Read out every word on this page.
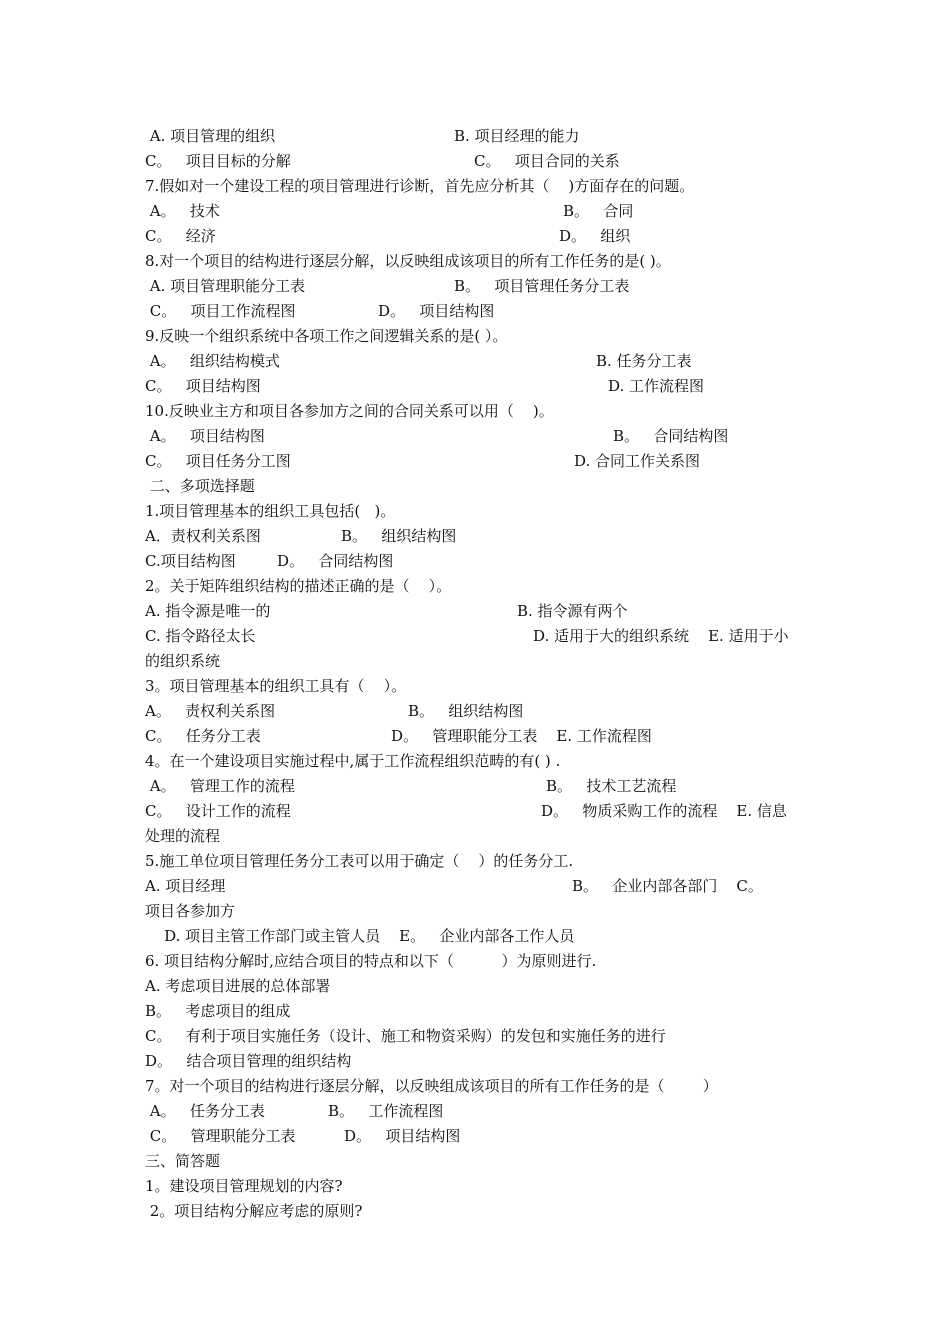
A. 项目管理的组织	B. 项目经理的能力
C。   项目目标的分解	C。   项目合同的关系
7.假如对一个建设工程的项目管理进行诊断，首先应分析其（    )方面存在的问题。
A。   技术	B。   合同
C。   经济	D。   组织
8.对一个项目的结构进行逐层分解，以反映组成该项目的所有工作任务的是( )。
A. 项目管理职能分工表	B。   项目管理任务分工表
C。   项目工作流程图	D。   项目结构图
9.反映一个组织系统中各项工作之间逻辑关系的是( ）。
A。   组织结构模式	B. 任务分工表
C。   项目结构图	D. 工作流程图
10.反映业主方和项目各参加方之间的合同关系可以用（    )。
A。   项目结构图	B。   合同结构图
C。   项目任务分工图	D. 合同工作关系图
二、多项选择题
1.项目管理基本的组织工具包括(   )。
A．责权利关系图	B。   组织结构图
C.项目结构图	D。   合同结构图
2。关于矩阵组织结构的描述正确的是（    ）。
A. 指令源是唯一的	B. 指令源有两个
C. 指令路径太长	D. 适用于大的组织系统    E. 适用于小
的组织系统
3。项目管理基本的组织工具有（    ）。
A。   责权利关系图	B。   组织结构图
C。   任务分工表	D。   管理职能分工表    E. 工作流程图
4。在一个建设项目实施过程中,属于工作流程组织范畴的有( ) .
A。   管理工作的流程	B。   技术工艺流程
C。   设计工作的流程	D。   物质采购工作的流程    E. 信息
处理的流程
5.施工单位项目管理任务分工表可以用于确定（    ）的任务分工.
A. 项目经理	B。   企业内部各部门    C。
项目各参加方
D. 项目主管工作部门或主管人员    E。   企业内部各工作人员
6. 项目结构分解时,应结合项目的特点和以下（          ）为原则进行.
A. 考虑项目进展的总体部署
B。   考虑项目的组成
C。   有利于项目实施任务（设计、施工和物资采购）的发包和实施任务的进行
D。   结合项目管理的组织结构
7。对一个项目的结构进行逐层分解，以反映组成该项目的所有工作任务的是（        ）
A。   任务分工表	B。   工作流程图
C。   管理职能分工表	D。   项目结构图
三、简答题
1。建设项目管理规划的内容?
2。项目结构分解应考虑的原则?
